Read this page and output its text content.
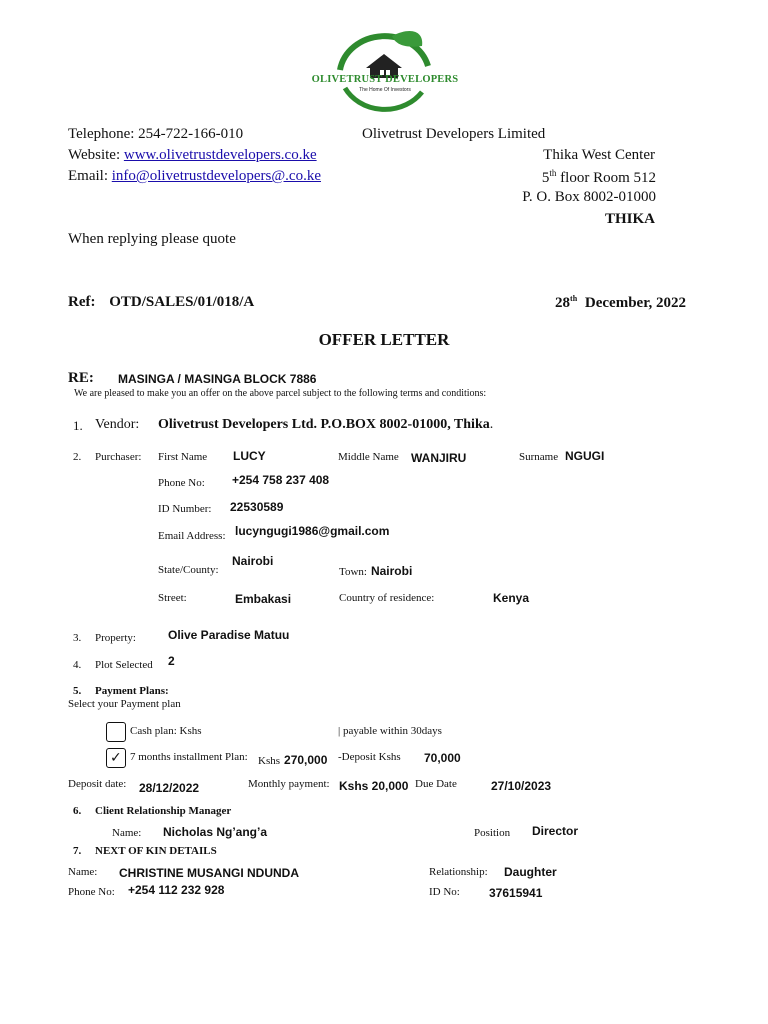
OLIVETRUST DEVELOPERS
The Home Of Investors
Telephone: 254-722-166-010
Website: www.olivetrustdevelopers.co.ke
Email: info@olivetrustdevelopers@.co.ke
Olivetrust Developers Limited
Thika West Center
5th floor Room 512
P. O. Box 8002-01000
THIKA
When replying please quote
Ref: OTD/SALES/01/018/A	28th December, 2022
OFFER LETTER
RE: MASINGA / MASINGA BLOCK 7886
We are pleased to make you an offer on the above parcel subject to the following terms and conditions:
1. Vendor: Olivetrust Developers Ltd. P.O.BOX 8002-01000, Thika.
2. Purchaser: First Name LUCY	Middle Name WANJIRU	Surname NGUGI
Phone No: +254 758 237 408
ID Number: 22530589
Email Address: lucyngugi1986@gmail.com
State/County:
Nairobi
Town: Nairobi
Street:	Embakasi	Country of residence:	Kenya
3. Property:	Olive Paradise Matuu
4. Plot Selected 2
5. Payment Plans:
Select your Payment plan
Cash plan: Kshs	| payable within 30days
✓ 7 months installment Plan: Kshs 270,000 -Deposit Kshs 70,000
Deposit date: 28/12/2022	Monthly payment: Kshs 20,000 Due Date	27/10/2023
6. Client Relationship Manager
Name: Nicholas Ng’ang’a	Position Director
7. NEXT OF KIN DETAILS
Name: CHRISTINE MUSANGI NDUNDA	Relationship: Daughter
Phone No: +254 112 232 928	ID No: 37615941
